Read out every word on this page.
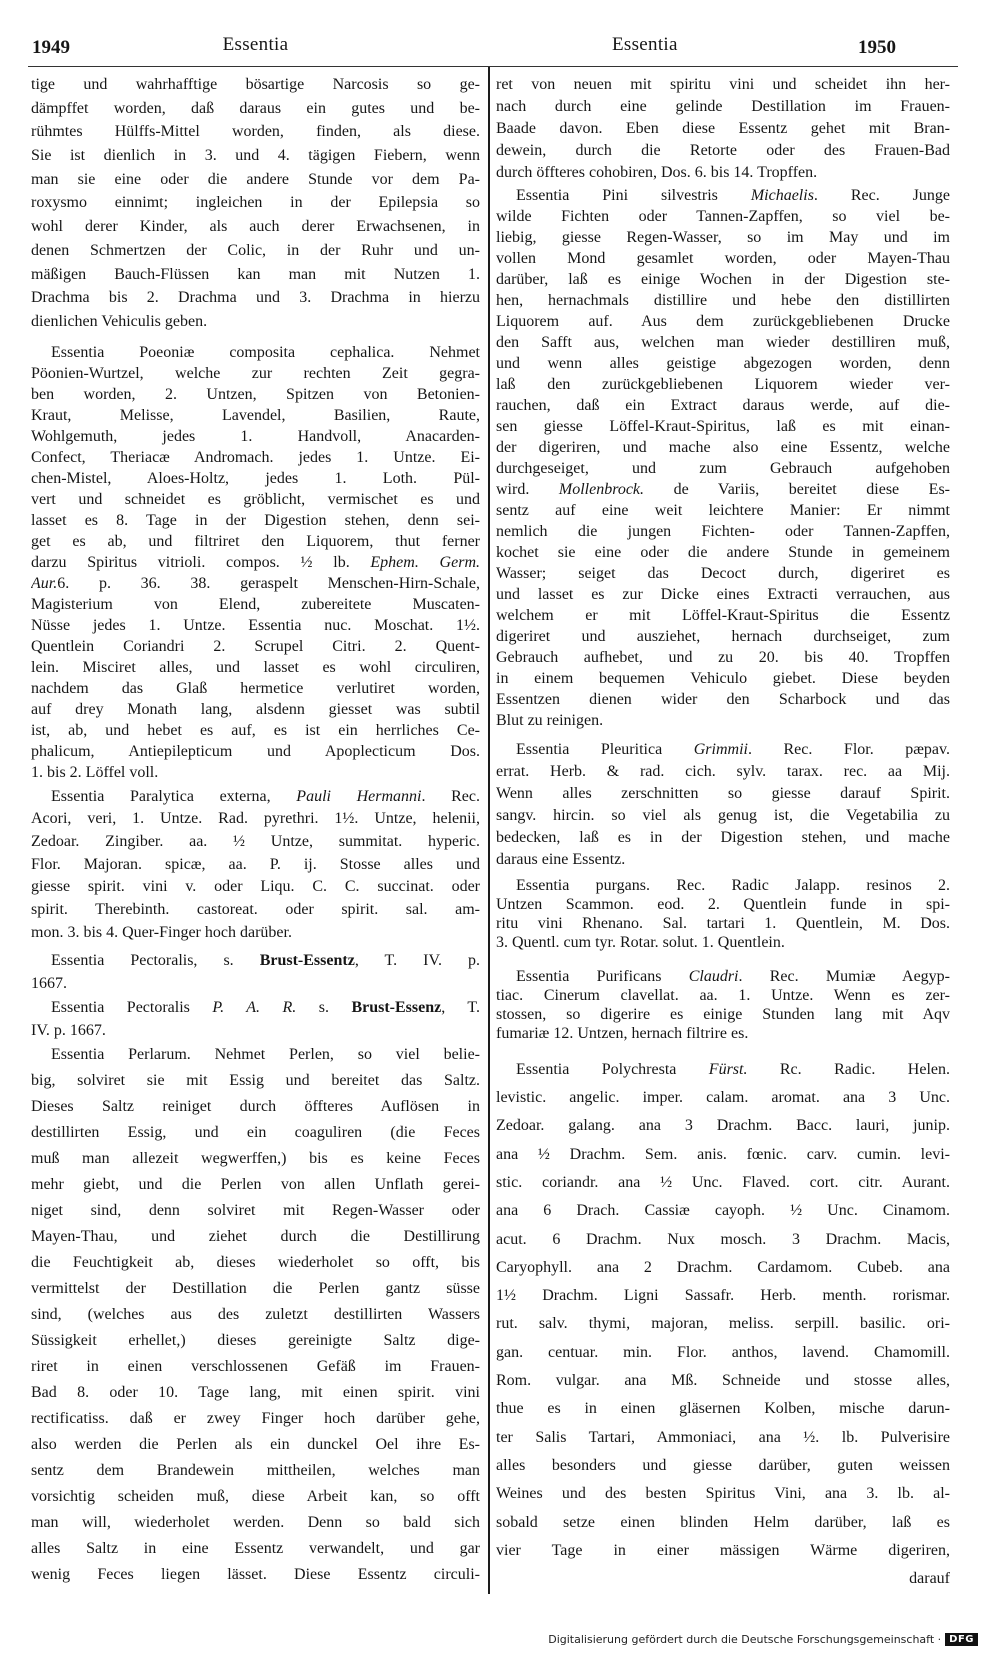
1949	Essentia	Essentia	1950
tige und wahrhafftige bösartige Narcosis so ge-
dämpffet worden, daß daraus ein gutes und be-
rühmtes Hülffs-Mittel worden, finden, als diese.
Sie ist dienlich in 3. und 4. tägigen Fiebern, wenn
man sie eine oder die andere Stunde vor dem Pa-
roxysmo einnimt; ingleichen in der Epilepsia so
wohl derer Kinder, als auch derer Erwachsenen, in
denen Schmertzen der Colic, in der Ruhr und un-
mäßigen Bauch-Flüssen kan man mit Nutzen 1.
Drachma bis 2. Drachma und 3. Drachma in hierzu
dienlichen Vehiculis geben.
Essentia Poeoniæ composita cephalica. Nehmet
Pöonien-Wurtzel, welche zur rechten Zeit gegra-
ben worden, 2. Untzen, Spitzen von Betonien-
Kraut, Melisse, Lavendel, Basilien, Raute,
Wohlgemuth, jedes 1. Handvoll, Anacarden-
Confect, Theriacæ Andromach. jedes 1. Untze. Ei-
chen-Mistel, Aloes-Holtz, jedes 1. Loth. Pül-
vert und schneidet es gröblicht, vermischet es und
lasset es 8. Tage in der Digestion stehen, denn sei-
get es ab, und filtriret den Liquorem, thut ferner
darzu Spiritus vitrioli. compos. ½ lb. Ephem. Germ.
Aur.6. p. 36. 38. geraspelt Menschen-Hirn-Schale,
Magisterium von Elend, zubereitete Muscaten-
Nüsse jedes 1. Untze. Essentia nuc. Moschat. 1½.
Quentlein Coriandri 2. Scrupel Citri. 2. Quent-
lein. Misciret alles, und lasset es wohl circuliren,
nachdem das Glaß hermetice verlutiret worden,
auf drey Monath lang, alsdenn giesset was subtil
ist, ab, und hebet es auf, es ist ein herrliches Ce-
phalicum, Antiepilepticum und Apoplecticum Dos.
1. bis 2. Löffel voll.
Essentia Paralytica externa, Pauli Hermanni. Rec.
Acori, veri, 1. Untze. Rad. pyrethri. 1½. Untze, helenii,
Zedoar. Zingiber. aa. ½ Untze, summitat. hyperic.
Flor. Majoran. spicæ, aa. P. ij. Stosse alles und
giesse spirit. vini v. oder Liqu. C. C. succinat. oder
spirit. Therebinth. castoreat. oder spirit. sal. am-
mon. 3. bis 4. Quer-Finger hoch darüber.
Essentia Pectoralis, s. Brust-Essentz, T. IV. p.
1667.
Essentia Pectoralis P. A. R. s. Brust-Essenz, T.
IV. p. 1667.
Essentia Perlarum. Nehmet Perlen, so viel belie-
big, solviret sie mit Essig und bereitet das Saltz.
Dieses Saltz reiniget durch öffteres Auflösen in
destillirten Essig, und ein coaguliren (die Feces
muß man allezeit wegwerffen,) bis es keine Feces
mehr giebt, und die Perlen von allen Unflath gerei-
niget sind, denn solviret mit Regen-Wasser oder
Mayen-Thau, und ziehet durch die Destillirung
die Feuchtigkeit ab, dieses wiederholet so offt, bis
vermittelst der Destillation die Perlen gantz süsse
sind, (welches aus des zuletzt destillirten Wassers
Süssigkeit erhellet,) dieses gereinigte Saltz dige-
riret in einen verschlossenen Gefäß im Frauen-
Bad 8. oder 10. Tage lang, mit einen spirit. vini
rectificatiss. daß er zwey Finger hoch darüber gehe,
also werden die Perlen als ein dunckel Oel ihre Es-
sentz dem Brandewein mittheilen, welches man
vorsichtig scheiden muß, diese Arbeit kan, so offt
man will, wiederholet werden. Denn so bald sich
alles Saltz in eine Essentz verwandelt, und gar
wenig Feces liegen lässet. Diese Essentz circuli-	darauf
ret von neuen mit spiritu vini und scheidet ihn her-
nach durch eine gelinde Destillation im Frauen-
Baade davon. Eben diese Essentz gehet mit Bran-
dewein, durch die Retorte oder des Frauen-Bad
durch öffteres cohobiren, Dos. 6. bis 14. Tropffen.
Essentia Pini silvestris Michaelis. Rec. Junge
wilde Fichten oder Tannen-Zapffen, so viel be-
liebig, giesse Regen-Wasser, so im May und im
vollen Mond gesamlet worden, oder Mayen-Thau
darüber, laß es einige Wochen in der Digestion ste-
hen, hernachmals distillire und hebe den distillirten
Liquorem auf. Aus dem zurückgebliebenen Drucke
den Safft aus, welchen man wieder destilliren muß,
und wenn alles geistige abgezogen worden, denn
laß den zurückgebliebenen Liquorem wieder ver-
rauchen, daß ein Extract daraus werde, auf die-
sen giesse Löffel-Kraut-Spiritus, laß es mit einan-
der digeriren, und mache also eine Essentz, welche
durchgeseiget, und zum Gebrauch aufgehoben
wird. Mollenbrock. de Variis, bereitet diese Es-
sentz auf eine weit leichtere Manier: Er nimmt
nemlich die jungen Fichten- oder Tannen-Zapffen,
kochet sie eine oder die andere Stunde in gemeinem
Wasser; seiget das Decoct durch, digeriret es
und lasset es zur Dicke eines Extracti verrauchen, aus
welchem er mit Löffel-Kraut-Spiritus die Essentz
digeriret und ausziehet, hernach durchseiget, zum
Gebrauch aufhebet, und zu 20. bis 40. Tropffen
in einem bequemen Vehiculo giebet. Diese beyden
Essentzen dienen wider den Scharbock und das
Blut zu reinigen.
Essentia Pleuritica Grimmii. Rec. Flor. pæpav.
errat. Herb. & rad. cich. sylv. tarax. rec. aa Mij.
Wenn alles zerschnitten so giesse darauf Spirit.
sangv. hircin. so viel als genug ist, die Vegetabilia zu
bedecken, laß es in der Digestion stehen, und mache
daraus eine Essentz.
Essentia purgans. Rec. Radic Jalapp. resinos 2.
Untzen Scammon. eod. 2. Quentlein funde in spi-
ritu vini Rhenano. Sal. tartari 1. Quentlein, M. Dos.
3. Quentl. cum tyr. Rotar. solut. 1. Quentlein.
Essentia Purificans Claudri. Rec. Mumiæ Aegyp-
tiac. Cinerum clavellat. aa. 1. Untze. Wenn es zer-
stossen, so digerire es einige Stunden lang mit Aqv
fumariæ 12. Untzen, hernach filtrire es.
Essentia Polychresta Fürst. Rc. Radic. Helen.
levistic. angelic. imper. calam. aromat. ana 3 Unc.
Zedoar. galang. ana 3 Drachm. Bacc. lauri, junip.
ana ½ Drachm. Sem. anis. fœnic. carv. cumin. levi-
stic. coriandr. ana ½ Unc. Flaved. cort. citr. Aurant.
ana 6 Drach. Cassiæ cayoph. ½ Unc. Cinamom.
acut. 6 Drachm. Nux mosch. 3 Drachm. Macis,
Caryophyll. ana 2 Drachm. Cardamom. Cubeb. ana
1½ Drachm. Ligni Sassafr. Herb. menth. rorismar.
rut. salv. thymi, majoran, meliss. serpill. basilic. ori-
gan. centuar. min. Flor. anthos, lavend. Chamomill.
Rom. vulgar. ana Mß. Schneide und stosse alles,
thue es in einen gläsernen Kolben, mische darun-
ter Salis Tartari, Ammoniaci, ana ½. lb. Pulverisire
alles besonders und giesse darüber, guten weissen
Weines und des besten Spiritus Vini, ana 3. lb. al-
sobald setze einen blinden Helm darüber, laß es
vier Tage in einer mässigen Wärme digeriren,
Digitalisierung gefördert durch die Deutsche Forschungsgemeinschaft · DFG
